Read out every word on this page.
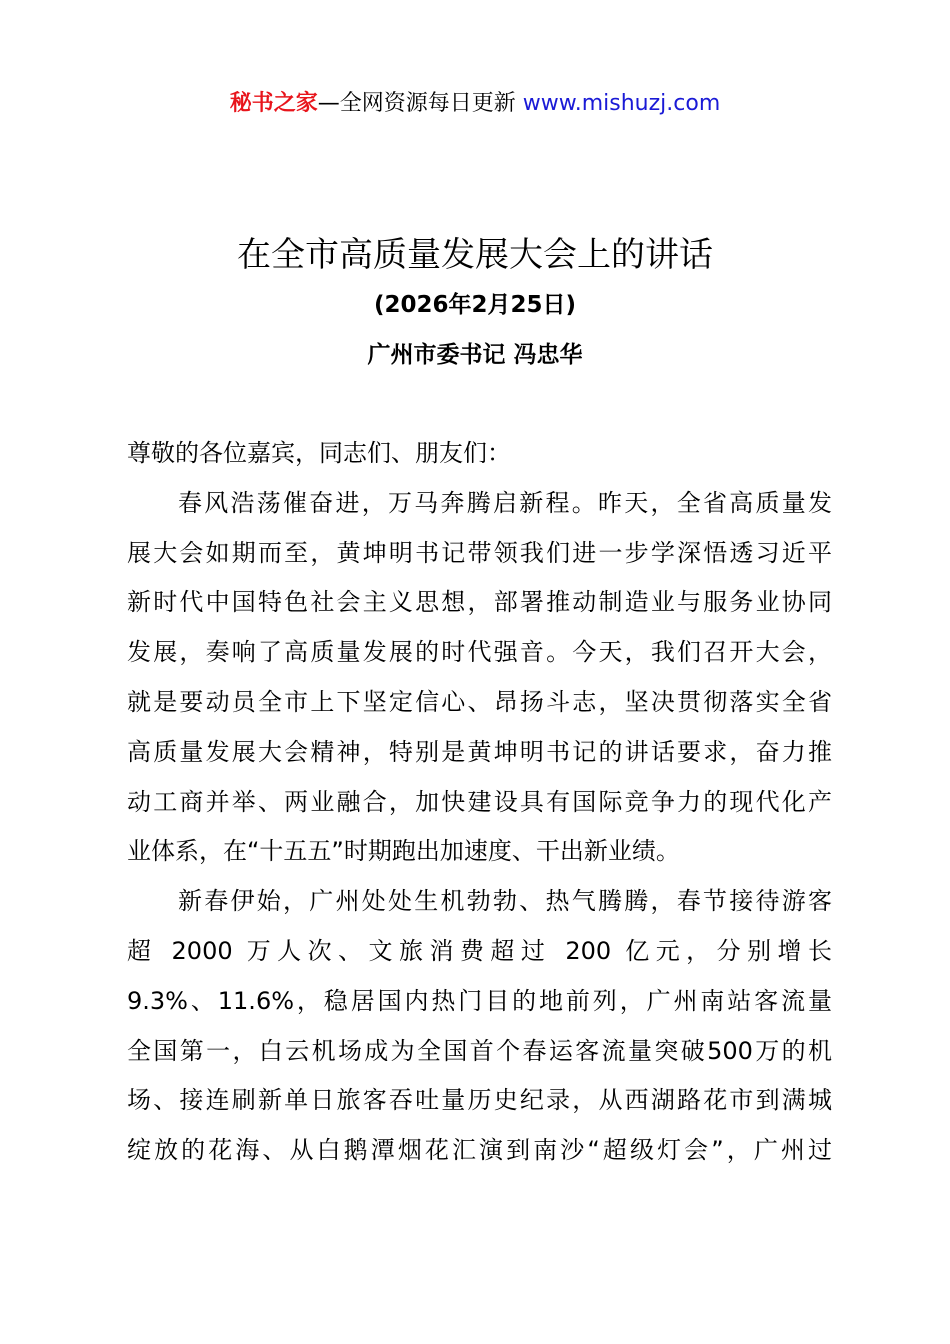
秘书之家—全网资源每日更新 www.mishuzj.com
在全市高质量发展大会上的讲话
(2026年2月25日)
广州市委书记 冯忠华
尊敬的各位嘉宾，同志们、朋友们：
春风浩荡催奋进，万马奔腾启新程。昨天，全省高质量发
展大会如期而至，黄坤明书记带领我们进一步学深悟透习近平
新时代中国特色社会主义思想，部署推动制造业与服务业协同
发展，奏响了高质量发展的时代强音。今天，我们召开大会，
就是要动员全市上下坚定信心、昂扬斗志，坚决贯彻落实全省
高质量发展大会精神，特别是黄坤明书记的讲话要求，奋力推
动工商并举、两业融合，加快建设具有国际竞争力的现代化产
业体系，在“十五五”时期跑出加速度、干出新业绩。
新春伊始，广州处处生机勃勃、热气腾腾，春节接待游客
超 2000 万人次、文旅消费超过 200 亿元，分别增长
9.3%、11.6%，稳居国内热门目的地前列，广州南站客流量
全国第一，白云机场成为全国首个春运客流量突破500万的机
场、接连刷新单日旅客吞吐量历史纪录，从西湖路花市到满城
绽放的花海、从白鹅潭烟花汇演到南沙“超级灯会”，广州过
